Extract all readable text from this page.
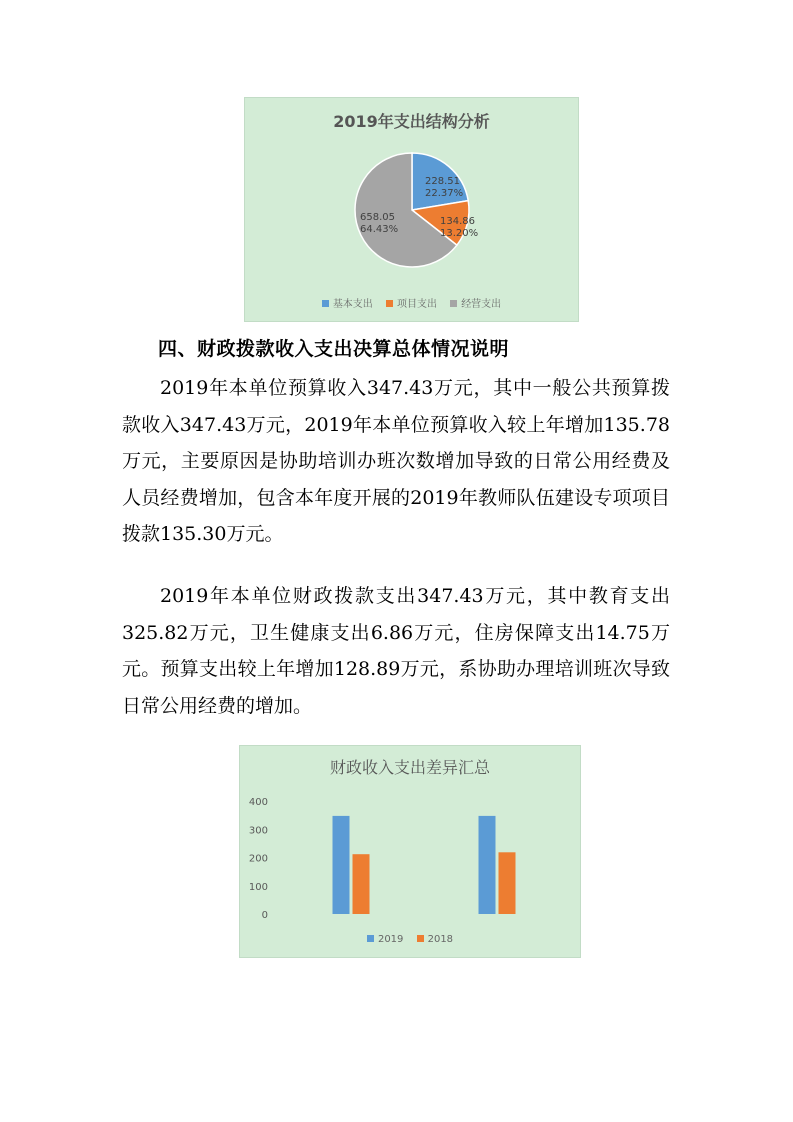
2019年支出结构分析
228.51
22.37%
134.86
13.20%
658.05
64.43%
基本支出 项目支出 经营支出
四、财政拨款收入支出决算总体情况说明

2019年本单位预算收入347.43万元，其中一般公共预算拨款收入347.43万元，2019年本单位预算收入较上年增加135.78万元，主要原因是协助培训办班次数增加导致的日常公用经费及人员经费增加，包含本年度开展的2019年教师队伍建设专项项目拨款135.30万元。

2019年本单位财政拨款支出347.43万元，其中教育支出325.82万元，卫生健康支出6.86万元，住房保障支出14.75万元。预算支出较上年增加128.89万元，系协助办理培训班次导致日常公用经费的增加。

财政收入支出差异汇总
0
100
200
300
400
2019 2018
